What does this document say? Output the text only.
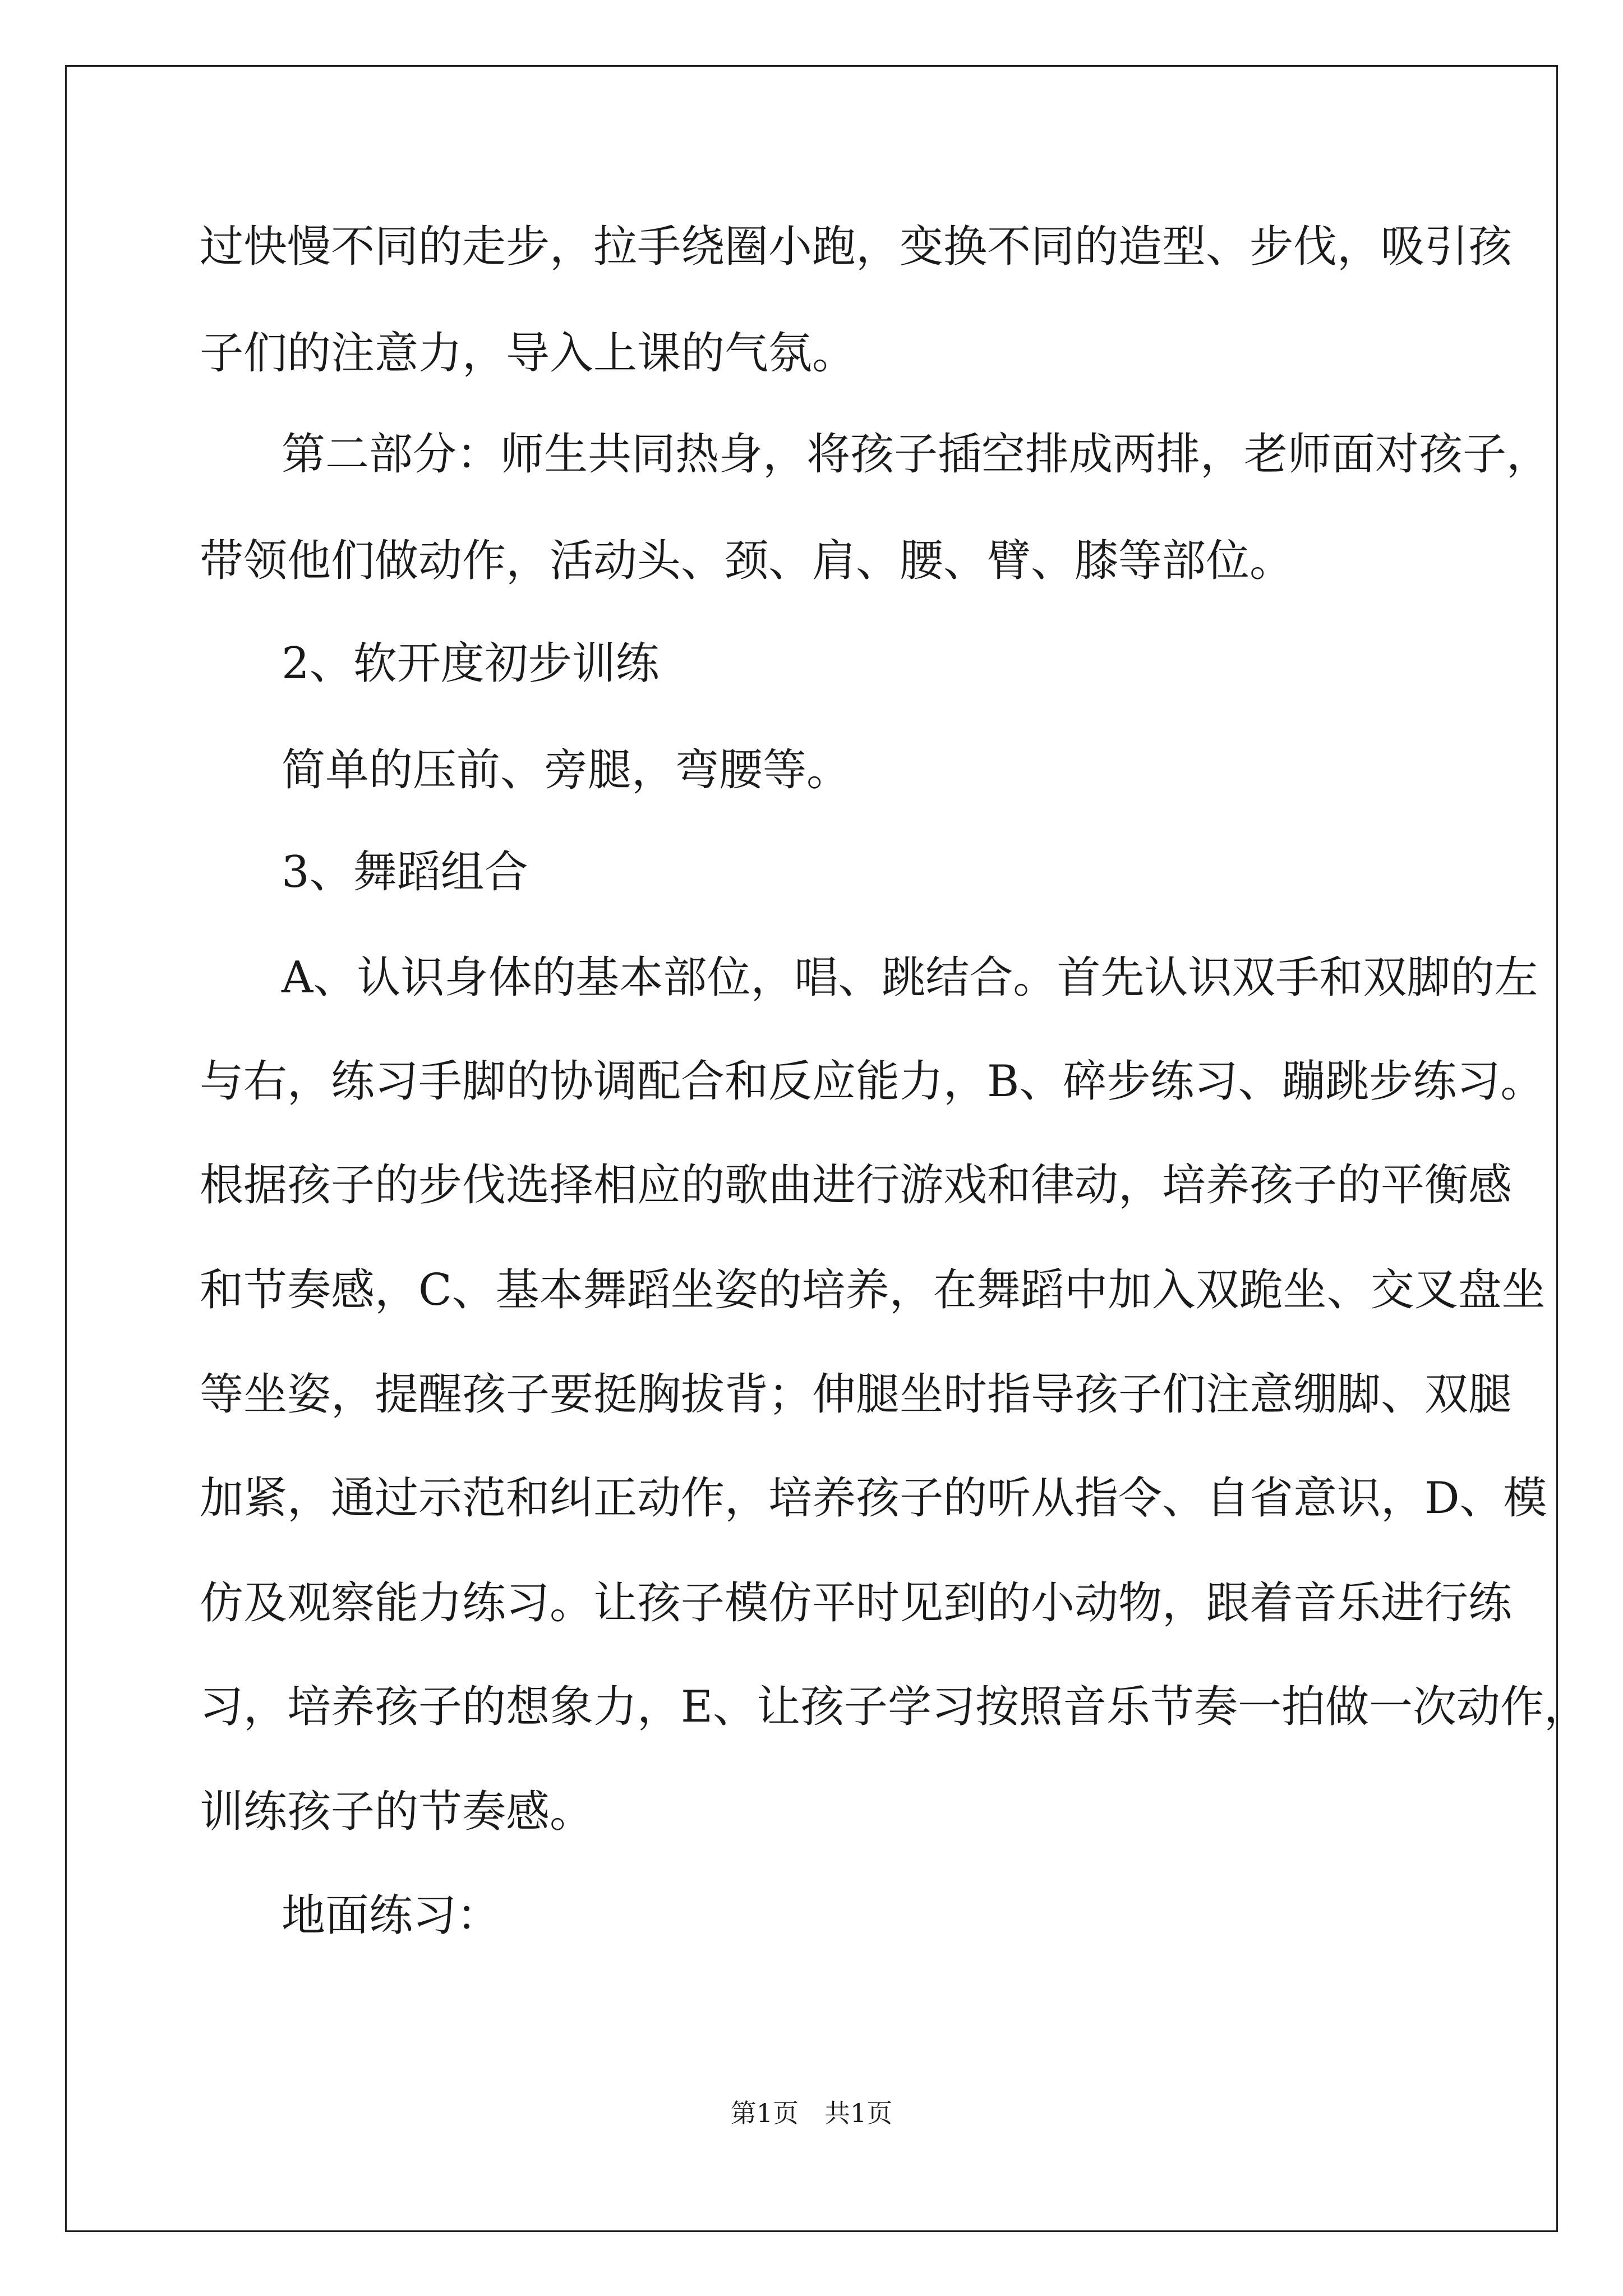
过快慢不同的走步，拉手绕圈小跑，变换不同的造型、步伐，吸引孩
子们的注意力，导入上课的气氛。
第二部分：师生共同热身，将孩子插空排成两排，老师面对孩子，
带领他们做动作，活动头、颈、肩、腰、臂、膝等部位。
2、软开度初步训练
简单的压前、旁腿，弯腰等。
3、舞蹈组合
A、认识身体的基本部位，唱、跳结合。首先认识双手和双脚的左
与右，练习手脚的协调配合和反应能力，B、碎步练习、蹦跳步练习。
根据孩子的步伐选择相应的歌曲进行游戏和律动，培养孩子的平衡感
和节奏感，C、基本舞蹈坐姿的培养，在舞蹈中加入双跪坐、交叉盘坐
等坐姿，提醒孩子要挺胸拔背；伸腿坐时指导孩子们注意绷脚、双腿
加紧，通过示范和纠正动作，培养孩子的听从指令、自省意识，D、模
仿及观察能力练习。让孩子模仿平时见到的小动物，跟着音乐进行练
习，培养孩子的想象力，E、让孩子学习按照音乐节奏一拍做一次动作，
训练孩子的节奏感。
地面练习：
第1页　共1页
